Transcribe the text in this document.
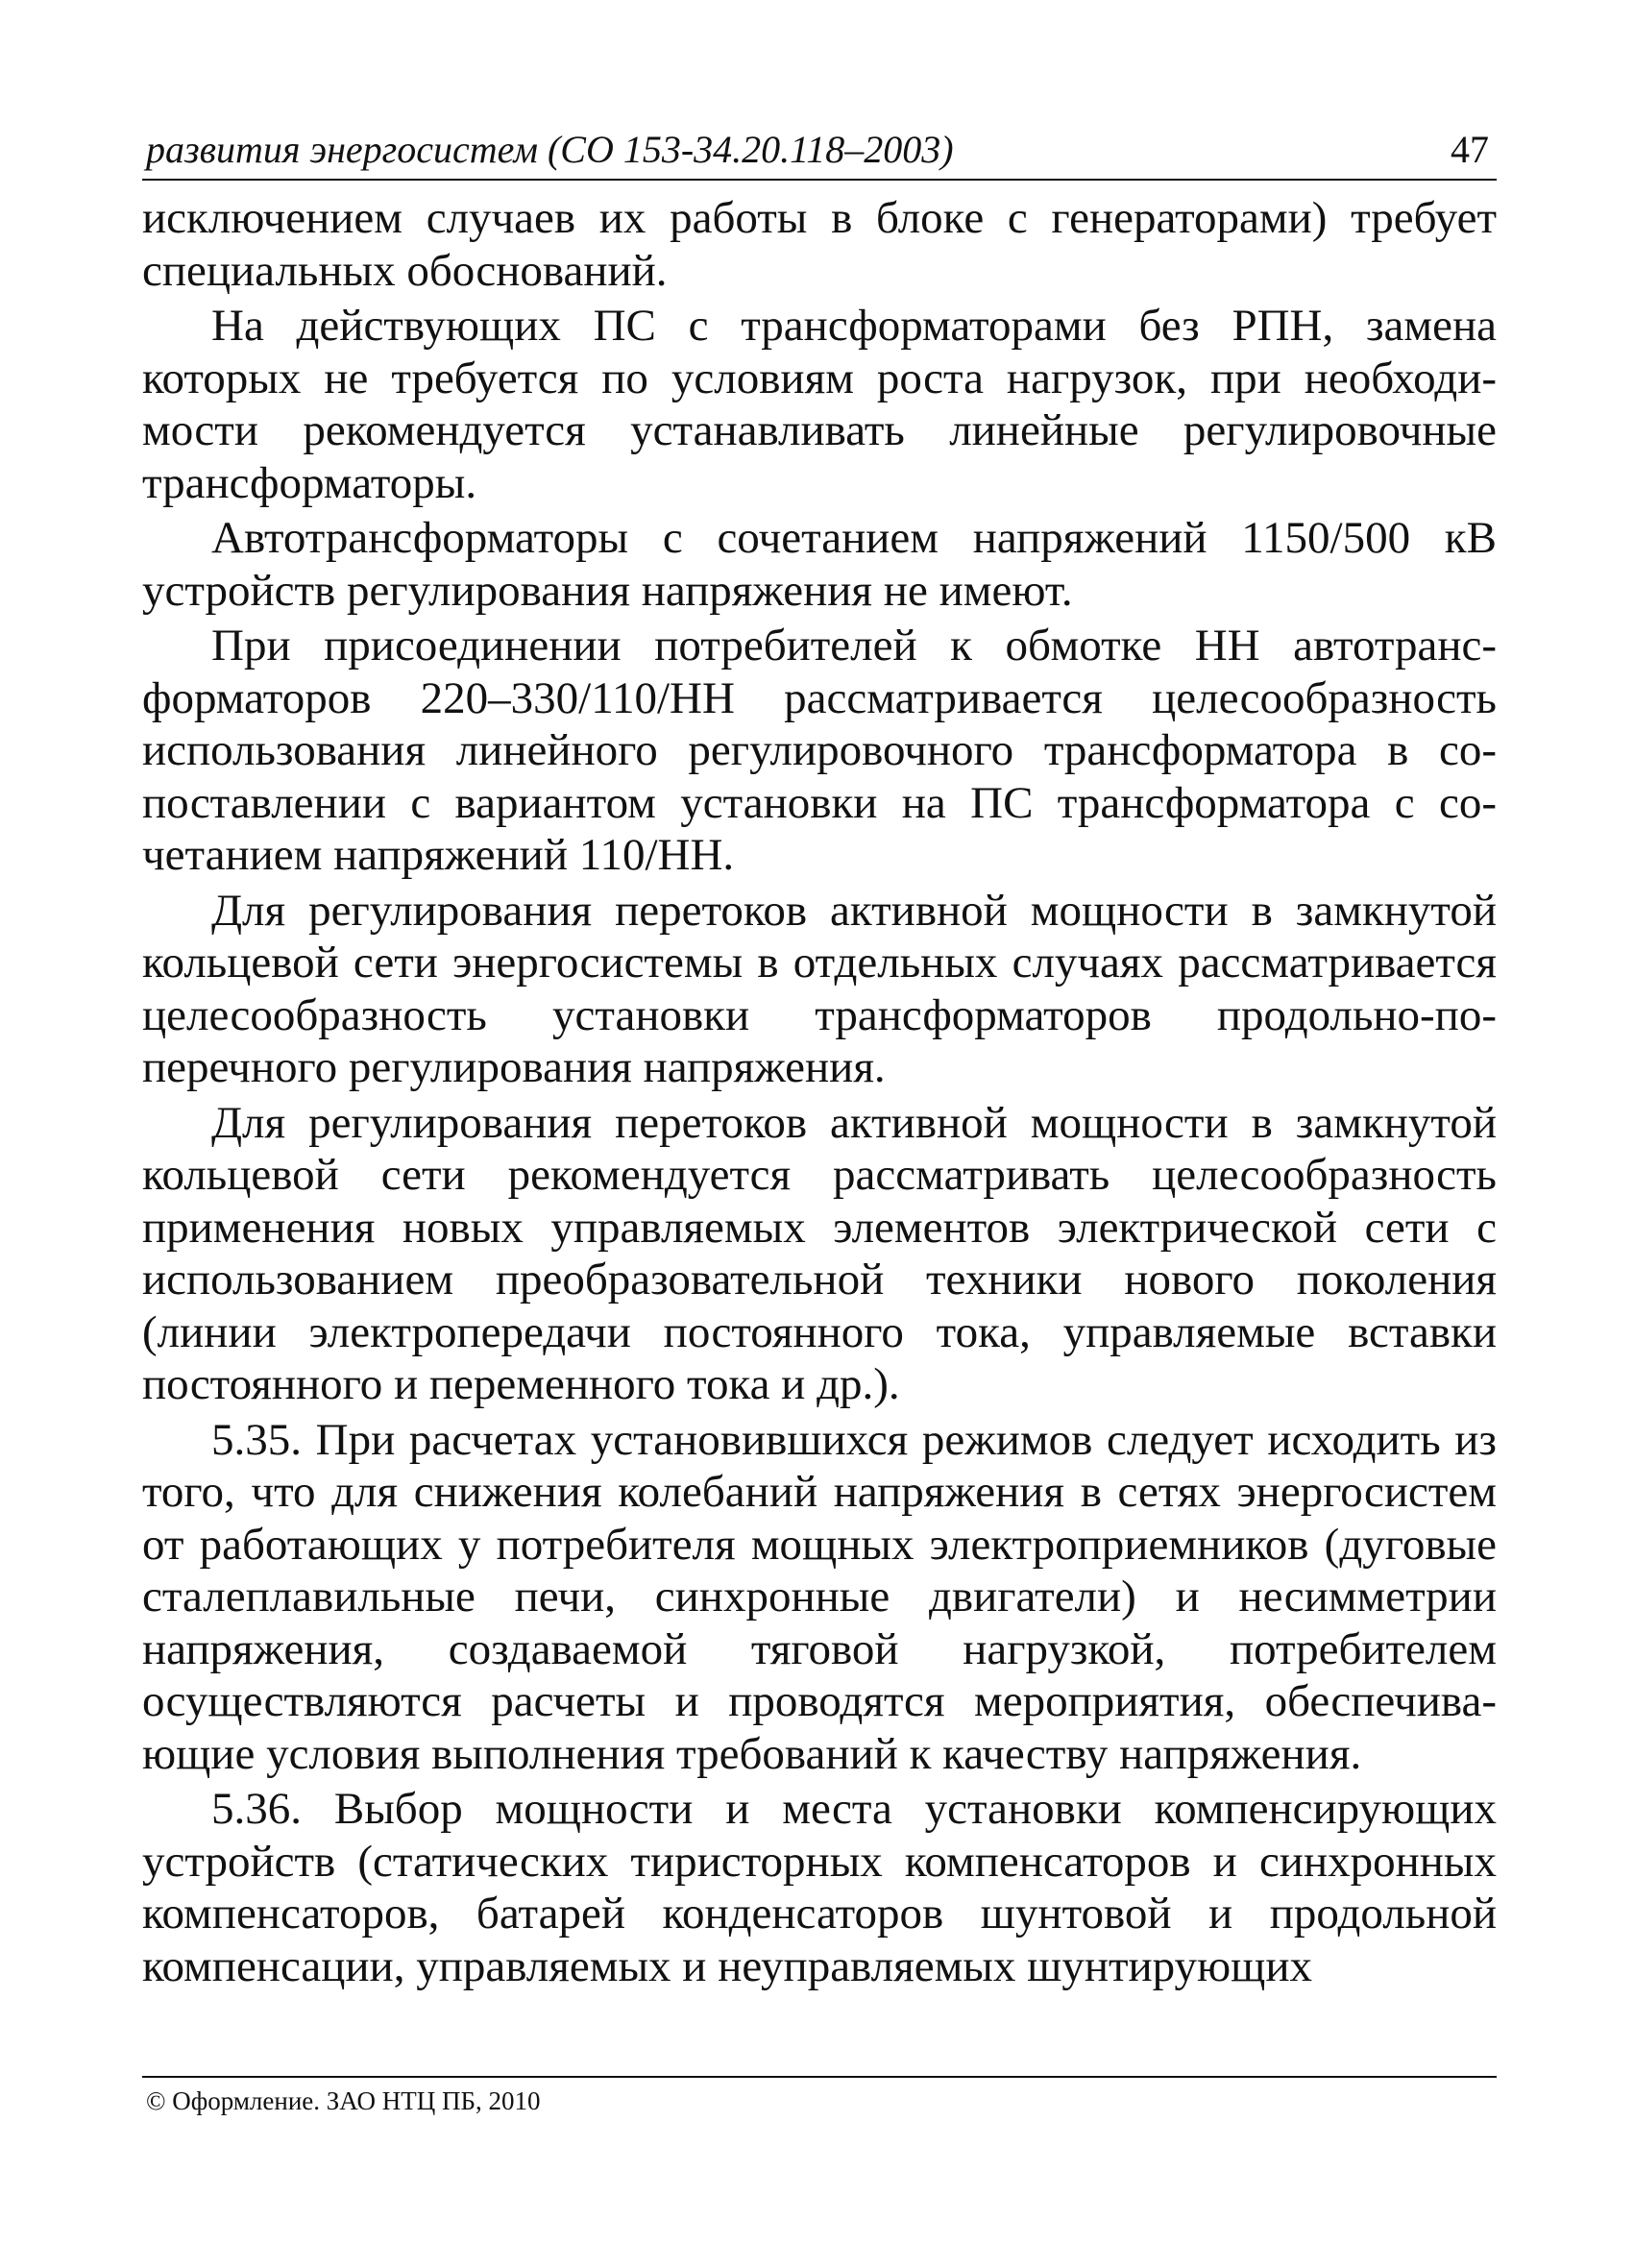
развития энергосистем (СО 153-34.20.118–2003)	47

исключением случаев их работы в блоке с генераторами) требует специальных обоснований.

На действующих ПС с трансформаторами без РПН, замена которых не требуется по условиям роста нагрузок, при необходимости рекомендуется устанавливать линейные регулировочные трансформаторы.

Автотрансформаторы с сочетанием напряжений 1150/500 кВ устройств регулирования напряжения не имеют.

При присоединении потребителей к обмотке НН автотрансформаторов 220–330/110/НН рассматривается целесообразность использования линейного регулировочного трансформатора в сопоставлении с вариантом установки на ПС трансформатора с сочетанием напряжений 110/НН.

Для регулирования перетоков активной мощности в замкнутой кольцевой сети энергосистемы в отдельных случаях рассматривается целесообразность установки трансформаторов продольно-поперечного регулирования напряжения.

Для регулирования перетоков активной мощности в замкнутой кольцевой сети рекомендуется рассматривать целесообразность применения новых управляемых элементов электрической сети с использованием преобразовательной техники нового поколения (линии электропередачи постоянного тока, управляемые вставки постоянного и переменного тока и др.).

5.35. При расчетах установившихся режимов следует исходить из того, что для снижения колебаний напряжения в сетях энергосистем от работающих у потребителя мощных электроприемников (дуговые сталеплавильные печи, синхронные двигатели) и несимметрии напряжения, создаваемой тяговой нагрузкой, потребителем осуществляются расчеты и проводятся мероприятия, обеспечивающие условия выполнения требований к качеству напряжения.

5.36. Выбор мощности и места установки компенсирующих устройств (статических тиристорных компенсаторов и синхронных компенсаторов, батарей конденсаторов шунтовой и продольной компенсации, управляемых и неуправляемых шунтирующих

© Оформление. ЗАО НТЦ ПБ, 2010
